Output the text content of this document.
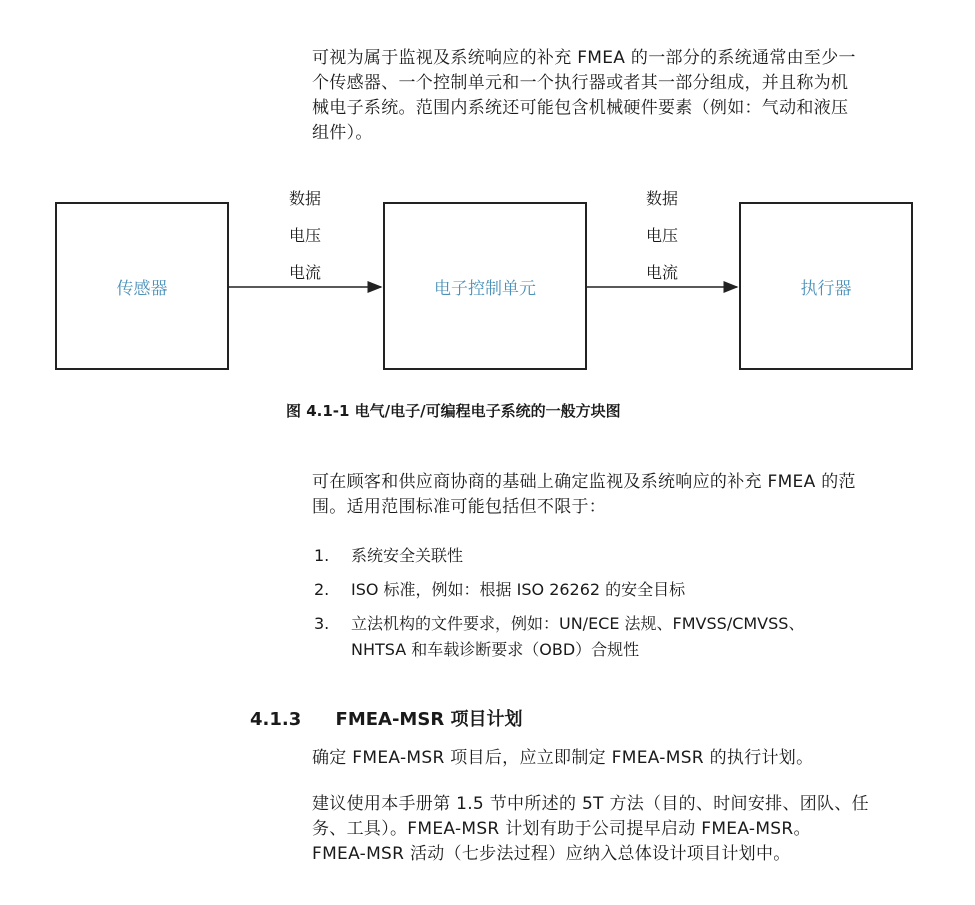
可视为属于监视及系统响应的补充 FMEA 的一部分的系统通常由至少一
个传感器、一个控制单元和一个执行器或者其一部分组成，并且称为机
械电子系统。范围内系统还可能包含机械硬件要素（例如：气动和液压
组件）。
传感器	电子控制单元	执行器
数据
电压
电流
数据
电压
电流
图 4.1-1 电气/电子/可编程电子系统的一般方块图
可在顾客和供应商协商的基础上确定监视及系统响应的补充 FMEA 的范
围。适用范围标准可能包括但不限于：
1. 系统安全关联性
2. ISO 标准，例如：根据 ISO 26262 的安全目标
3. 立法机构的文件要求，例如：UN/ECE 法规、FMVSS/CMVSS、
NHTSA 和车载诊断要求（OBD）合规性
4.1.3 FMEA-MSR 项目计划
确定 FMEA-MSR 项目后，应立即制定 FMEA-MSR 的执行计划。
建议使用本手册第 1.5 节中所述的 5T 方法（目的、时间安排、团队、任
务、工具）。FMEA-MSR 计划有助于公司提早启动 FMEA-MSR。
FMEA-MSR 活动（七步法过程）应纳入总体设计项目计划中。
